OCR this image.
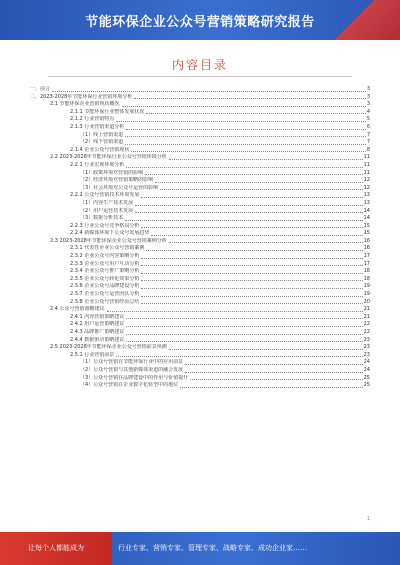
节能环保企业公众号营销策略研究报告
内容目录
一、前言	3
二、2023-2028年节能环保行业营销环境分析	3
2.1 节能环保企业营销现状概况	3
2.1.1 节能环保行业整体发展状况	4
2.1.2 行业营销特点	5
2.1.3 行业营销渠道分析	6
（1）线上营销渠道	7
（2）线下营销渠道	7
2.1.4 企业公众号营销现状	8
2.2 2023-2028年节能环保行业公众号营销环境分析	11
2.2.1 行业宏观环境分析	11
（1）政策环境对营销的影响	11
（2）经济环境对营销策略的影响	12
（3）社会环境对公众号运营的影响	12
2.2.2 公众号营销技术环境发展	13
（1）内容生产技术发展	13
（2）用户运营技术发展	14
（3）数据分析技术	14
2.2.3 行业公众号竞争格局分析	15
2.2.4 新媒体环境下公众号发展趋势	15
2.3 2023-2028年节能环保企业公众号营销案例分析	16
2.3.1 代表性企业公众号营销案例	16
2.3.2 企业公众号内容策略分析	17
2.3.3 企业公众号用户互动分析	17
2.3.4 企业公众号推广策略分析	18
2.3.5 企业公众号转化效果分析	18
2.3.6 企业公众号品牌建设分析	19
2.3.7 企业公众号运营团队分析	19
2.3.8 企业公众号营销经验总结	20
2.4 公众号营销策略建议	21
2.4.1 内容营销策略建议	21
2.4.2 用户运营策略建议	22
2.4.3 品牌推广策略建议	22
2.4.4 数据驱动策略建议	23
2.5 2023-2028年节能环保企业公众号营销前景预测	23
2.5.1 行业营销前景	23
（1）公众号营销在节能环保行业中的应用前景	24
（2）公众号营销与其他新媒体渠道的融合发展	24
（3）公众号营销在品牌建设中的作用与价值提升	25
（4）公众号营销在企业数字化转型中的地位	25
1
让每个人都能成为	行业专家、营销专家、管理专家、战略专家、成功企业家……
